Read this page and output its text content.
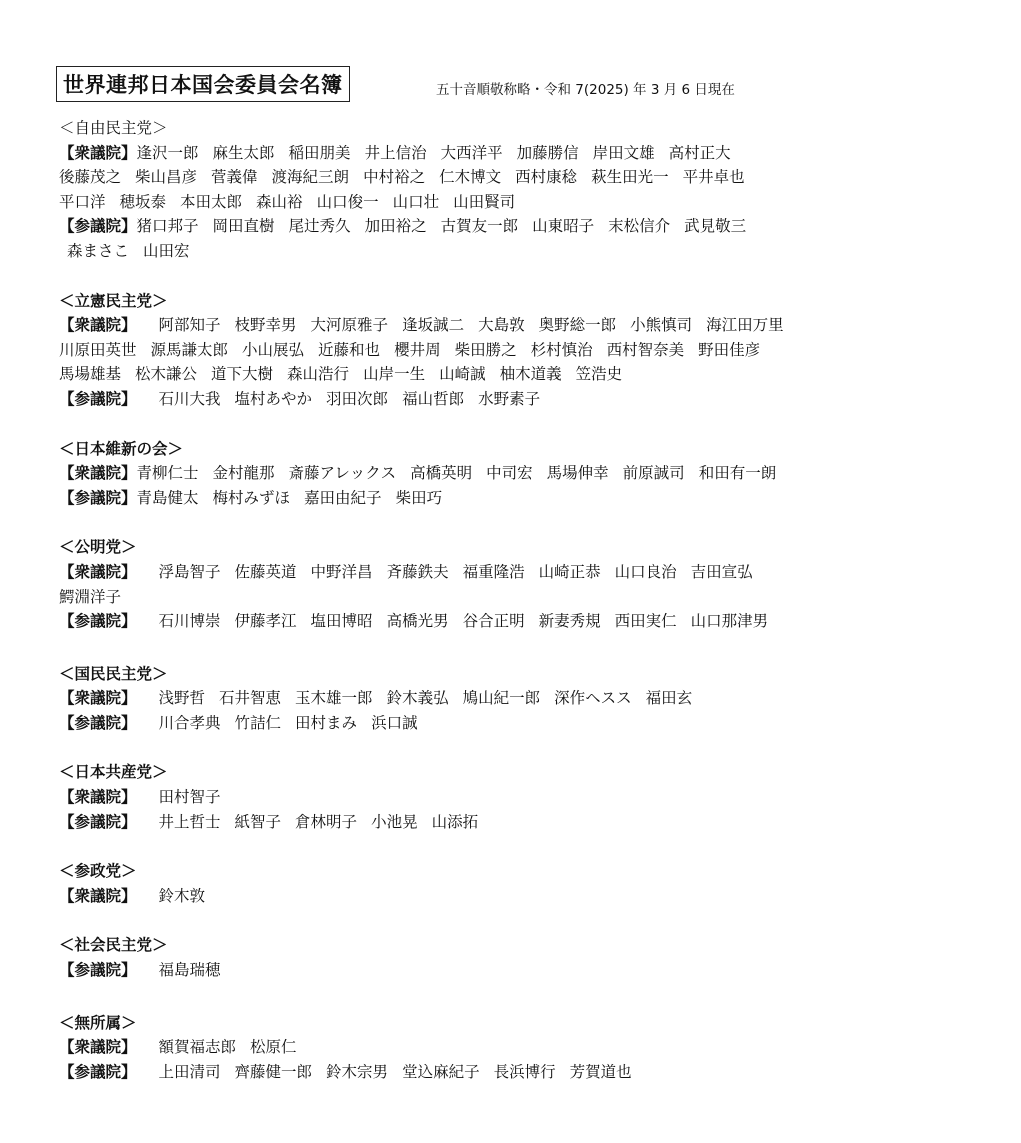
世界連邦日本国会委員会名簿	五十音順敬称略・令和 7(2025) 年 3 月 6 日現在
＜自由民主党＞
【衆議院】逢沢一郎 麻生太郎 稲田朋美 井上信治 大西洋平 加藤勝信 岸田文雄 高村正大
後藤茂之 柴山昌彦 菅義偉 渡海紀三朗 中村裕之 仁木博文 西村康稔 萩生田光一 平井卓也
平口洋 穂坂泰 本田太郎 森山裕 山口俊一 山口壮 山田賢司
【参議院】猪口邦子 岡田直樹 尾辻秀久 加田裕之 古賀友一郎 山東昭子 末松信介 武見敬三
森まさこ 山田宏
＜立憲民主党＞
【衆議院】 阿部知子 枝野幸男 大河原雅子 逢坂誠二 大島敦 奥野総一郎 小熊慎司 海江田万里
川原田英世 源馬謙太郎 小山展弘 近藤和也 櫻井周 柴田勝之 杉村慎治 西村智奈美 野田佳彦
馬場雄基 松木謙公 道下大樹 森山浩行 山岸一生 山崎誠 柚木道義 笠浩史
【参議院】 石川大我 塩村あやか 羽田次郎 福山哲郎 水野素子
＜日本維新の会＞
【衆議院】青柳仁士 金村龍那 斎藤アレックス 高橋英明 中司宏 馬場伸幸 前原誠司 和田有一朗
【参議院】青島健太 梅村みずほ 嘉田由紀子 柴田巧
＜公明党＞
【衆議院】 浮島智子 佐藤英道 中野洋昌 斉藤鉄夫 福重隆浩 山崎正恭 山口良治 吉田宣弘
鰐淵洋子
【参議院】 石川博崇 伊藤孝江 塩田博昭 高橋光男 谷合正明 新妻秀規 西田実仁 山口那津男
＜国民民主党＞
【衆議院】 浅野哲 石井智恵 玉木雄一郎 鈴木義弘 鳩山紀一郎 深作ヘスス 福田玄
【参議院】 川合孝典 竹詰仁 田村まみ 浜口誠
＜日本共産党＞
【衆議院】 田村智子
【参議院】 井上哲士 紙智子 倉林明子 小池晃 山添拓
＜参政党＞
【衆議院】 鈴木敦
＜社会民主党＞
【参議院】 福島瑞穂
＜無所属＞
【衆議院】 額賀福志郎 松原仁
【参議院】 上田清司 齊藤健一郎 鈴木宗男 堂込麻紀子 長浜博行 芳賀道也
